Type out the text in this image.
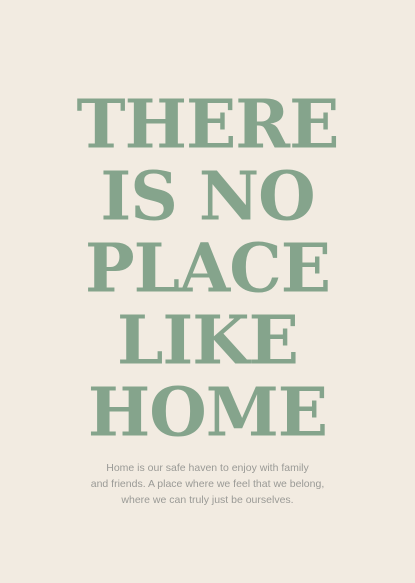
THERE
IS NO
PLACE
LIKE
HOME

Home is our safe haven to enjoy with family
and friends. A place where we feel that we belong,
where we can truly just be ourselves.
